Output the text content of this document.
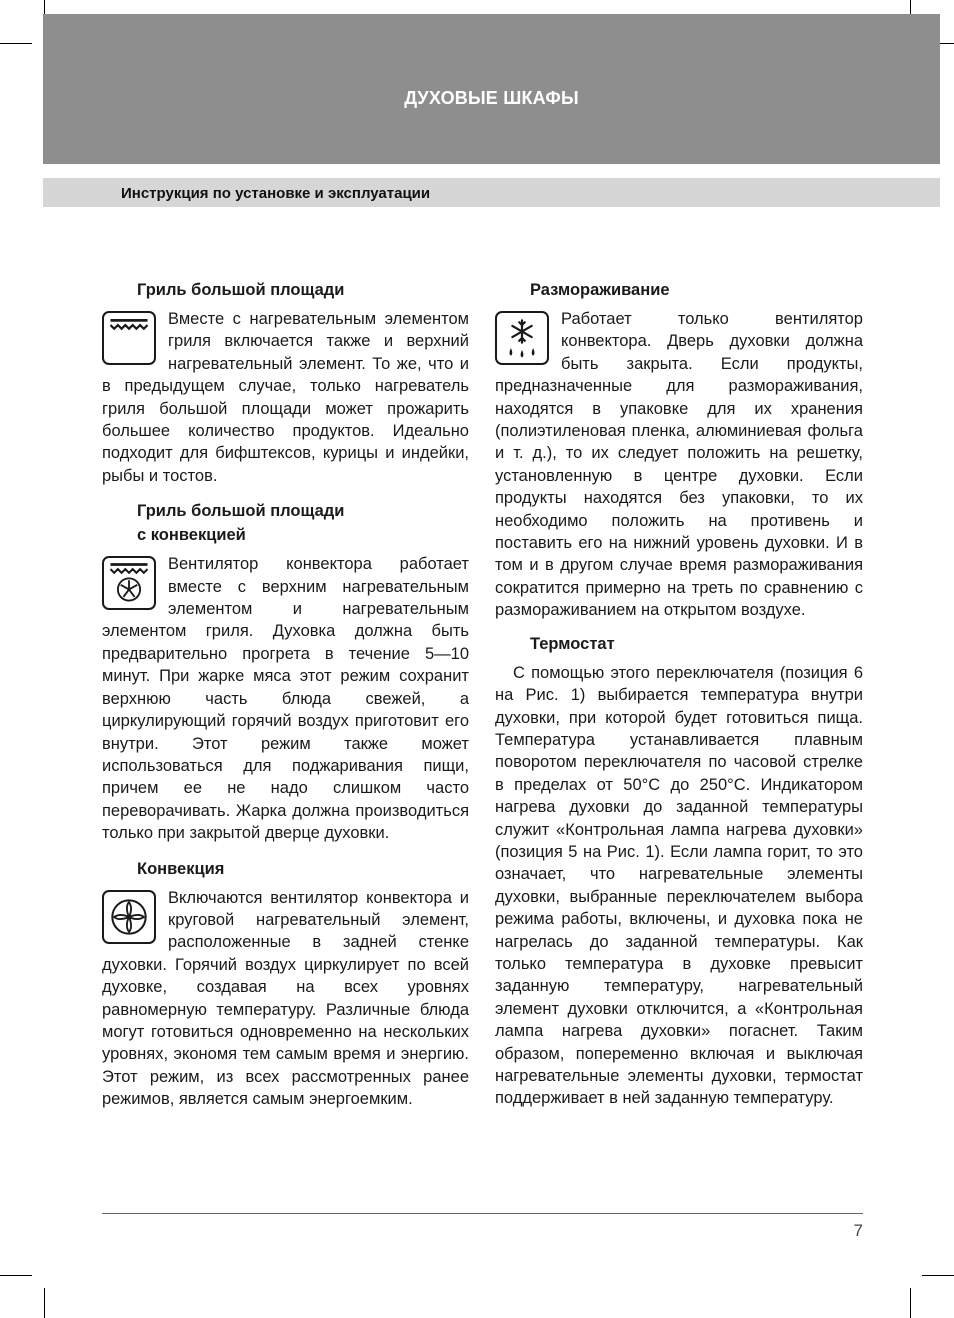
ДУХОВЫЕ ШКАФЫ
Инструкция по установке и эксплуатации
Гриль большой площади

Вместе с нагревательным элементом гриля включается также и верхний нагревательный элемент. То же, что и в предыдущем случае, только нагреватель гриля большой площади может прожарить большее количество продуктов. Идеально подходит для бифштексов, курицы и индейки, рыбы и тостов.

Гриль большой площади
с конвекцией

Вентилятор конвектора работает вместе с верхним нагревательным элементом и нагревательным элементом гриля. Духовка должна быть предварительно прогрета в течение 5—10 минут. При жарке мяса этот режим сохранит верхнюю часть блюда свежей, а циркулирующий горячий воздух приготовит его внутри. Этот режим также может использоваться для поджаривания пищи, причем ее не надо слишком часто переворачивать. Жарка должна производиться только при закрытой дверце духовки.

Конвекция

Включаются вентилятор конвектора и круговой нагревательный элемент, расположенные в задней стенке духовки. Горячий воздух циркулирует по всей духовке, создавая на всех уровнях равномерную температуру. Различные блюда могут готовиться одновременно на нескольких уровнях, экономя тем самым время и энергию. Этот режим, из всех рассмотренных ранее режимов, является самым энергоемким.

Размораживание

Работает только вентилятор конвектора. Дверь духовки должна быть закрыта. Если продукты, предназначенные для размораживания, находятся в упаковке для их хранения (полиэтиленовая пленка, алюминиевая фольга и т. д.), то их следует положить на решетку, установленную в центре духовки. Если продукты находятся без упаковки, то их необходимо положить на противень и поставить его на нижний уровень духовки. И в том и в другом случае время размораживания сократится примерно на треть по сравнению с размораживанием на открытом воздухе.

Термостат

С помощью этого переключателя (позиция 6 на Рис. 1) выбирается температура внутри духовки, при которой будет готовиться пища. Температура устанавливается плавным поворотом переключателя по часовой стрелке в пределах от 50°С до 250°С. Индикатором нагрева духовки до заданной температуры служит «Контрольная лампа нагрева духовки» (позиция 5 на Рис. 1). Если лампа горит, то это означает, что нагревательные элементы духовки, выбранные переключателем выбора режима работы, включены, и духовка пока не нагрелась до заданной температуры. Как только температура в духовке превысит заданную температуру, нагревательный элемент духовки отключится, а «Контрольная лампа нагрева духовки» погаснет. Таким образом, попеременно включая и выключая нагревательные элементы духовки, термостат поддерживает в ней заданную температуру.

7
